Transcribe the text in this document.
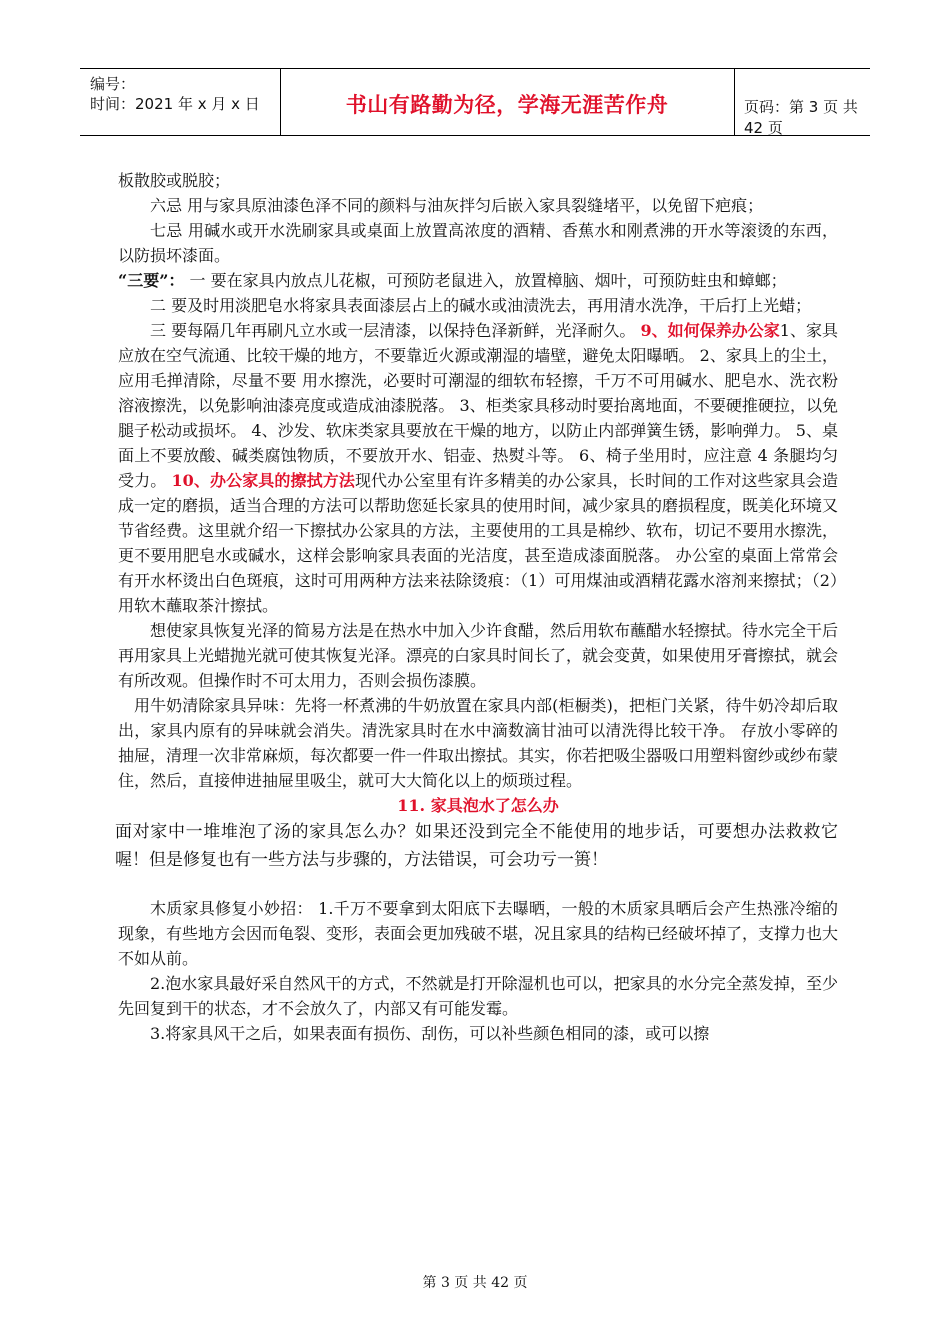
编号：
时间：2021 年 x 月 x 日	书山有路勤为径，学海无涯苦作舟	页码：第 3 页 共 42 页

板散胶或脱胶；

六忌 用与家具原油漆色泽不同的颜料与油灰拌匀后嵌入家具裂缝堵平，以免留下疤痕；

七忌 用碱水或开水洗刷家具或桌面上放置高浓度的酒精、香蕉水和刚煮沸的开水等滚烫的东西，以防损坏漆面。

“三要”： 一 要在家具内放点儿花椒，可预防老鼠进入，放置樟脑、烟叶，可预防蛀虫和蟑螂；

二 要及时用淡肥皂水将家具表面漆层占上的碱水或油渍洗去，再用清水洗净，干后打上光蜡；

三 要每隔几年再刷凡立水或一层清漆，以保持色泽新鲜，光泽耐久。 9、如何保养办公家1、家具应放在空气流通、比较干燥的地方，不要靠近火源或潮湿的墙壁，避免太阳曝晒。 2、家具上的尘土，应用毛掸清除，尽量不要 用水擦洗，必要时可潮湿的细软布轻擦，千万不可用碱水、肥皂水、洗衣粉溶液擦洗，以免影响油漆亮度或造成油漆脱落。 3、柜类家具移动时要抬离地面，不要硬推硬拉，以免腿子松动或损坏。 4、沙发、软床类家具要放在干燥的地方，以防止内部弹簧生锈，影响弹力。 5、桌面上不要放酸、碱类腐蚀物质，不要放开水、铝壶、热熨斗等。 6、椅子坐用时，应注意 4 条腿均匀受力。 10、办公家具的擦拭方法现代办公室里有许多精美的办公家具，长时间的工作对这些家具会造成一定的磨损，适当合理的方法可以帮助您延长家具的使用时间，减少家具的磨损程度，既美化环境又节省经费。这里就介绍一下擦拭办公家具的方法，主要使用的工具是棉纱、软布，切记不要用水擦洗，更不要用肥皂水或碱水，这样会影响家具表面的光洁度，甚至造成漆面脱落。 办公室的桌面上常常会有开水杯烫出白色斑痕，这时可用两种方法来祛除烫痕：（1）可用煤油或酒精花露水溶剂来擦拭；（2）用软木蘸取茶汁擦拭。

想使家具恢复光泽的简易方法是在热水中加入少许食醋，然后用软布蘸醋水轻擦拭。待水完全干后再用家具上光蜡抛光就可使其恢复光泽。漂亮的白家具时间长了，就会变黄，如果使用牙膏擦拭，就会有所改观。但操作时不可太用力，否则会损伤漆膜。

用牛奶清除家具异味：先将一杯煮沸的牛奶放置在家具内部(柜橱类)，把柜门关紧，待牛奶冷却后取出，家具内原有的异味就会消失。清洗家具时在水中滴数滴甘油可以清洗得比较干净。 存放小零碎的抽屉，清理一次非常麻烦，每次都要一件一件取出擦拭。其实，你若把吸尘器吸口用塑料窗纱或纱布蒙住，然后，直接伸进抽屉里吸尘，就可大大简化以上的烦琐过程。

11. 家具泡水了怎么办

面对家中一堆堆泡了汤的家具怎么办？如果还没到完全不能使用的地步话，可要想办法救救它喔！但是修复也有一些方法与步骤的，方法错误，可会功亏一篑！

木质家具修复小妙招： 1.千万不要拿到太阳底下去曝晒，一般的木质家具晒后会产生热涨冷缩的现象，有些地方会因而龟裂、变形，表面会更加残破不堪，况且家具的结构已经破坏掉了，支撑力也大不如从前。

2.泡水家具最好采自然风干的方式，不然就是打开除湿机也可以，把家具的水分完全蒸发掉，至少先回复到干的状态，才不会放久了，内部又有可能发霉。

3.将家具风干之后，如果表面有损伤、刮伤，可以补些颜色相同的漆，或可以擦

第 3 页 共 42 页
